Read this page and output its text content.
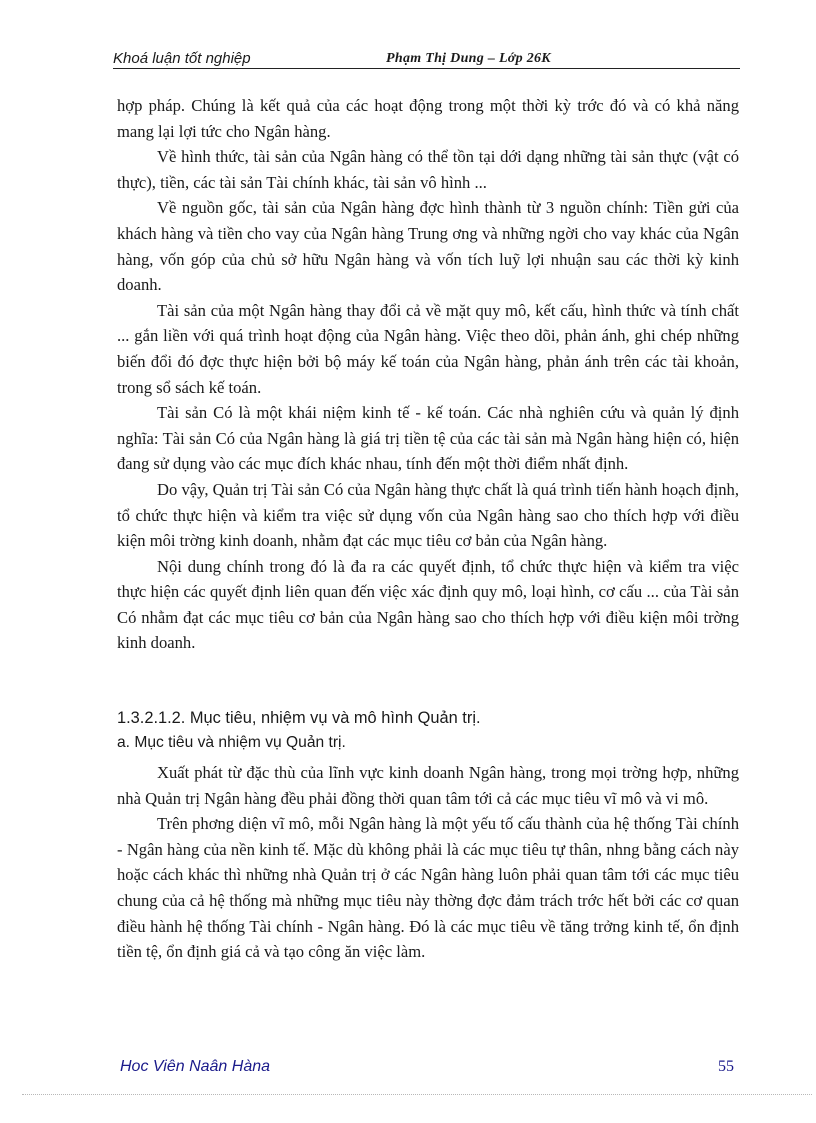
Khoá luận tốt nghiệp	Phạm Thị Dung – Lớp 26K

hợp pháp. Chúng là kết quả của các hoạt động trong một thời kỳ trớc đó và có khả năng mang lại lợi tức cho Ngân hàng.

Về hình thức, tài sản của Ngân hàng có thể tồn tại dới dạng những tài sản thực (vật có thực), tiền, các tài sản Tài chính khác, tài sản vô hình ...

Về nguồn gốc, tài sản của Ngân hàng đợc hình thành từ 3 nguồn chính: Tiền gửi của khách hàng và tiền cho vay của Ngân hàng Trung ơng và những ngời cho vay khác của Ngân hàng, vốn góp của chủ sở hữu Ngân hàng và vốn tích luỹ lợi nhuận sau các thời kỳ kinh doanh.

Tài sản của một Ngân hàng thay đổi cả về mặt quy mô, kết cấu, hình thức và tính chất ... gắn liền với quá trình hoạt động của Ngân hàng. Việc theo dõi, phản ánh, ghi chép những biến đổi đó đợc thực hiện bởi bộ máy kế toán của Ngân hàng, phản ánh trên các tài khoản, trong sổ sách kế toán.

Tài sản Có là một khái niệm kinh tế - kế toán. Các nhà nghiên cứu và quản lý định nghĩa: Tài sản Có của Ngân hàng là giá trị tiền tệ của các tài sản mà Ngân hàng hiện có, hiện đang sử dụng vào các mục đích khác nhau, tính đến một thời điểm nhất định.

Do vậy, Quản trị Tài sản Có của Ngân hàng thực chất là quá trình tiến hành hoạch định, tổ chức thực hiện và kiểm tra việc sử dụng vốn của Ngân hàng sao cho thích hợp với điều kiện môi trờng kinh doanh, nhằm đạt các mục tiêu cơ bản của Ngân hàng.

Nội dung chính trong đó là đa ra các quyết định, tổ chức thực hiện và kiểm tra việc thực hiện các quyết định liên quan đến việc xác định quy mô, loại hình, cơ cấu ... của Tài sản Có nhằm đạt các mục tiêu cơ bản của Ngân hàng sao cho thích hợp với điều kiện môi trờng kinh doanh.

1.3.2.1.2. Mục tiêu, nhiệm vụ và mô hình Quản trị.
a. Mục tiêu và nhiệm vụ Quản trị.

Xuất phát từ đặc thù của lĩnh vực kinh doanh Ngân hàng, trong mọi trờng hợp, những nhà Quản trị Ngân hàng đều phải đồng thời quan tâm tới cả các mục tiêu vĩ mô và vi mô.

Trên phơng diện vĩ mô, mỗi Ngân hàng là một yếu tố cấu thành của hệ thống Tài chính - Ngân hàng của nền kinh tế. Mặc dù không phải là các mục tiêu tự thân, nhng bằng cách này hoặc cách khác thì những nhà Quản trị ở các Ngân hàng luôn phải quan tâm tới các mục tiêu chung của cả hệ thống mà những mục tiêu này thờng đợc đảm trách trớc hết bởi các cơ quan điều hành hệ thống Tài chính - Ngân hàng. Đó là các mục tiêu về tăng trởng kinh tế, ổn định tiền tệ, ổn định giá cả và tạo công ăn việc làm.

Hoc Viên Naân Hàna	55
